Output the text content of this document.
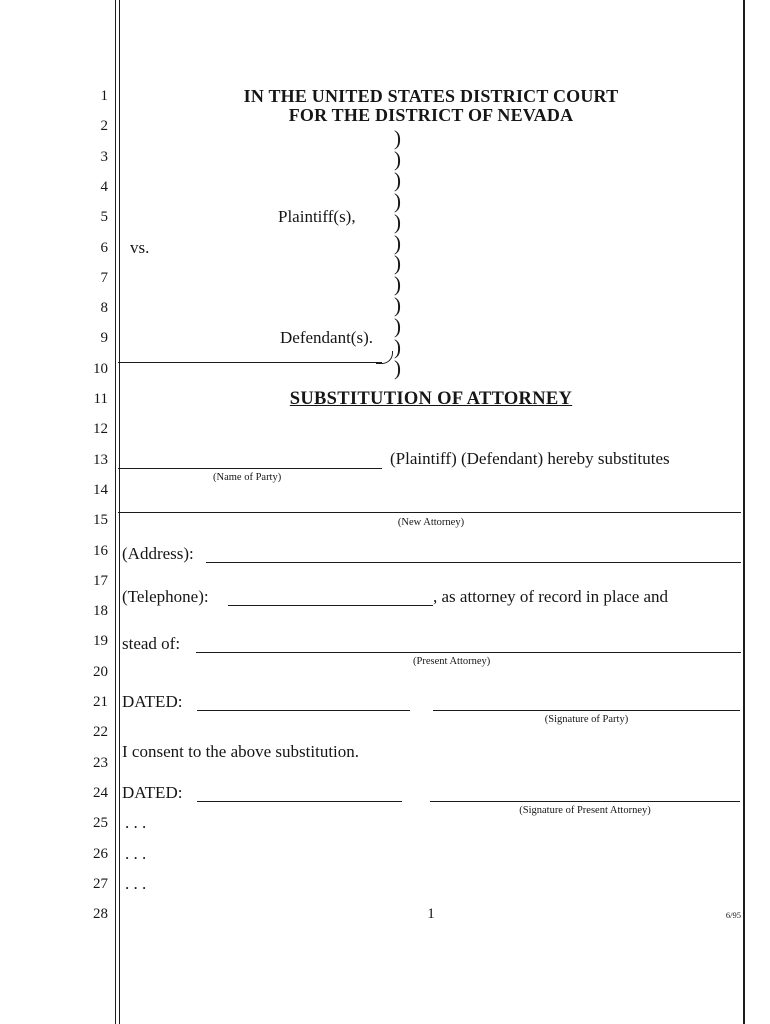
1
2
3
4
5
6
7
8
9
10
11
12
13
14
15
16
17
18
19
20
21
22
23
24
25
26
27
28
IN THE UNITED STATES DISTRICT COURT
FOR THE DISTRICT OF NEVADA
)
)
)
)
)
)
)
)
)
)
)
)
Plaintiff(s),
vs.
Defendant(s).
SUBSTITUTION OF ATTORNEY
(Plaintiff) (Defendant) hereby substitutes
(Name of Party)
(New Attorney)
(Address):
(Telephone):	, as attorney of record in place and
stead of:
(Present Attorney)
DATED:
(Signature of Party)
I consent to the above substitution.
DATED:
(Signature of Present Attorney)
. . .
. . .
. . .
1	6/95
